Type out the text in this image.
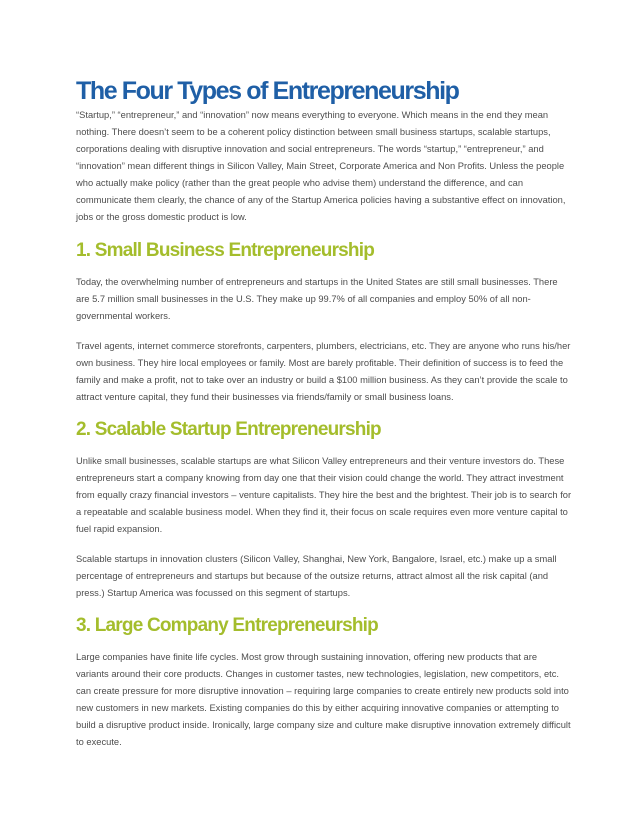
The Four Types of Entrepreneurship

“Startup,” “entrepreneur,” and “innovation” now means everything to everyone. Which means in the end they mean nothing. There doesn’t seem to be a coherent policy distinction between small business startups, scalable startups, corporations dealing with disruptive innovation and social entrepreneurs. The words “startup,” “entrepreneur,” and “innovation” mean different things in Silicon Valley, Main Street, Corporate America and Non Profits. Unless the people who actually make policy (rather than the great people who advise them) understand the difference, and can communicate them clearly, the chance of any of the Startup America policies having a substantive effect on innovation, jobs or the gross domestic product is low.

1. Small Business Entrepreneurship

Today, the overwhelming number of entrepreneurs and startups in the United States are still small businesses. There are 5.7 million small businesses in the U.S. They make up 99.7% of all companies and employ 50% of all non-governmental workers.

Travel agents, internet commerce storefronts, carpenters, plumbers, electricians, etc. They are anyone who runs his/her own business. They hire local employees or family. Most are barely profitable. Their definition of success is to feed the family and make a profit, not to take over an industry or build a $100 million business. As they can’t provide the scale to attract venture capital, they fund their businesses via friends/family or small business loans.

2. Scalable Startup Entrepreneurship

Unlike small businesses, scalable startups are what Silicon Valley entrepreneurs and their venture investors do. These entrepreneurs start a company knowing from day one that their vision could change the world. They attract investment from equally crazy financial investors – venture capitalists. They hire the best and the brightest. Their job is to search for a repeatable and scalable business model. When they find it, their focus on scale requires even more venture capital to fuel rapid expansion.

Scalable startups in innovation clusters (Silicon Valley, Shanghai, New York, Bangalore, Israel, etc.) make up a small percentage of entrepreneurs and startups but because of the outsize returns, attract almost all the risk capital (and press.) Startup America was focussed on this segment of startups.

3. Large Company Entrepreneurship

Large companies have finite life cycles. Most grow through sustaining innovation, offering new products that are variants around their core products. Changes in customer tastes, new technologies, legislation, new competitors, etc. can create pressure for more disruptive innovation – requiring large companies to create entirely new products sold into new customers in new markets. Existing companies do this by either acquiring innovative companies or attempting to build a disruptive product inside. Ironically, large company size and culture make disruptive innovation extremely difficult to execute.
